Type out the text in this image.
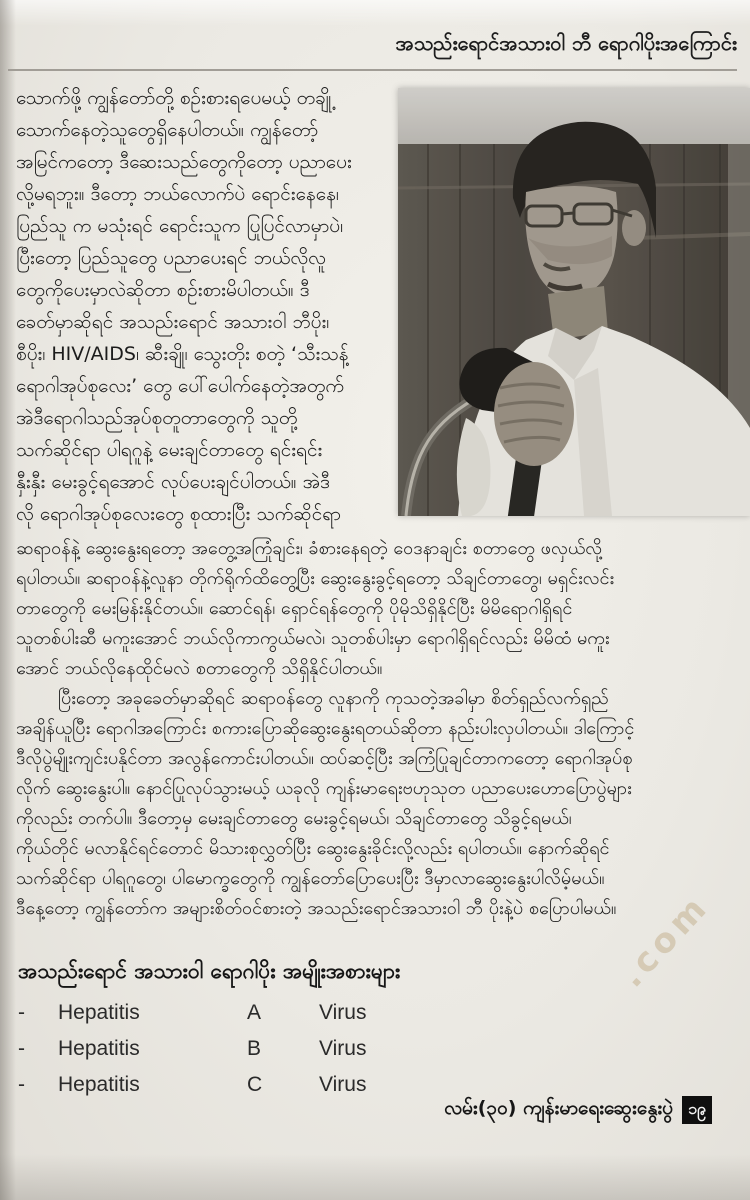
.com
အသည်းရောင်အသားဝါ ဘီ ရောဂါပိုးအကြောင်း
သောက်ဖို့ ကျွန်တော်တို့ စဉ်းစားရပေမယ့် တချို့
သောက်နေတဲ့သူတွေရှိနေပါတယ်။ ကျွန်တော့်
အမြင်ကတော့ ဒီဆေးသည်တွေကိုတော့ ပညာပေး
လို့မရဘူး။ ဒီတော့ ဘယ်လောက်ပဲ ရောင်းနေနေ၊
ပြည်သူ က မသုံးရင် ရောင်းသူက ပြုပြင်လာမှာပဲ၊
ပြီးတော့ ပြည်သူတွေ ပညာပေးရင် ဘယ်လိုလူ
တွေကိုပေးမှာလဲဆိုတာ စဉ်းစားမိပါတယ်။ ဒီ
ခေတ်မှာဆိုရင် အသည်းရောင် အသားဝါ ဘီပိုး၊
စီပိုး၊ HIV/AIDS၊ ဆီးချို၊ သွေးတိုး စတဲ့ ‘သီးသန့်
ရောဂါအုပ်စုလေး’ တွေ ပေါ်ပေါက်နေတဲ့အတွက်
အဲဒီရောဂါသည်အုပ်စုတူတာတွေကို သူတို့
သက်ဆိုင်ရာ ပါရဂူနဲ့ မေးချင်တာတွေ ရင်းရင်း
နှီးနှီး မေးခွင့်ရအောင် လုပ်ပေးချင်ပါတယ်။ အဲဒီ
လို ရောဂါအုပ်စုလေးတွေ စုထားပြီး သက်ဆိုင်ရာ
ဆရာဝန်နဲ့ ဆွေးနွေးရတော့ အတွေ့အကြုံချင်း၊ ခံစားနေရတဲ့ ဝေဒနာချင်း စတာတွေ ဖလှယ်လို့
ရပါတယ်။ ဆရာဝန်နဲ့လူနာ တိုက်ရိုက်ထိတွေ့ပြီး ဆွေးနွေးခွင့်ရတော့ သိချင်တာတွေ၊ မရှင်းလင်း
တာတွေကို မေးမြန်းနိုင်တယ်။ ဆောင်ရန်၊ ရှောင်ရန်တွေကို ပိုမိုသိရှိနိုင်ပြီး မိမိရောဂါရှိရင်
သူတစ်ပါးဆီ မကူးအောင် ဘယ်လိုကာကွယ်မလဲ၊ သူတစ်ပါးမှာ ရောဂါရှိရင်လည်း မိမိထံ မကူး
အောင် ဘယ်လိုနေထိုင်မလဲ စတာတွေကို သိရှိနိုင်ပါတယ်။
ပြီးတော့ အခုခေတ်မှာဆိုရင် ဆရာဝန်တွေ လူနာကို ကုသတဲ့အခါမှာ စိတ်ရှည်လက်ရှည်
အချိန်ယူပြီး ရောဂါအကြောင်း စကားပြောဆိုဆွေးနွေးရတယ်ဆိုတာ နည်းပါးလှပါတယ်။ ဒါကြောင့်
ဒီလိုပွဲမျိုးကျင်းပနိုင်တာ အလွန်ကောင်းပါတယ်။ ထပ်ဆင့်ပြီး အကြံပြုချင်တာကတော့ ရောဂါအုပ်စု
လိုက် ဆွေးနွေးပါ။ နောင်ပြုလုပ်သွားမယ့် ယခုလို ကျန်းမာရေးဗဟုသုတ ပညာပေးဟောပြောပွဲများ
ကိုလည်း တက်ပါ။ ဒီတော့မှ မေးချင်တာတွေ မေးခွင့်ရမယ်၊ သိချင်တာတွေ သိခွင့်ရမယ်၊
ကိုယ်တိုင် မလာနိုင်ရင်တောင် မိသားစုလွှတ်ပြီး ဆွေးနွေးခိုင်းလို့လည်း ရပါတယ်။ နောက်ဆိုရင်
သက်ဆိုင်ရာ ပါရဂူတွေ၊ ပါမောက္ခတွေကို ကျွန်တော်ပြောပေးပြီး ဒီမှာလာဆွေးနွေးပါလိမ့်မယ်။
ဒီနေ့တော့ ကျွန်တော်က အများစိတ်ဝင်စားတဲ့ အသည်းရောင်အသားဝါ ဘီ ပိုးနဲ့ပဲ စပြောပါမယ်။
အသည်းရောင် အသားဝါ ရောဂါပိုး အမျိုးအစားများ
-	Hepatitis	A	Virus
-	Hepatitis	B	Virus
-	Hepatitis	C	Virus
လမ်း(၃၀) ကျန်းမာရေးဆွေးနွေးပွဲ ၁၉
